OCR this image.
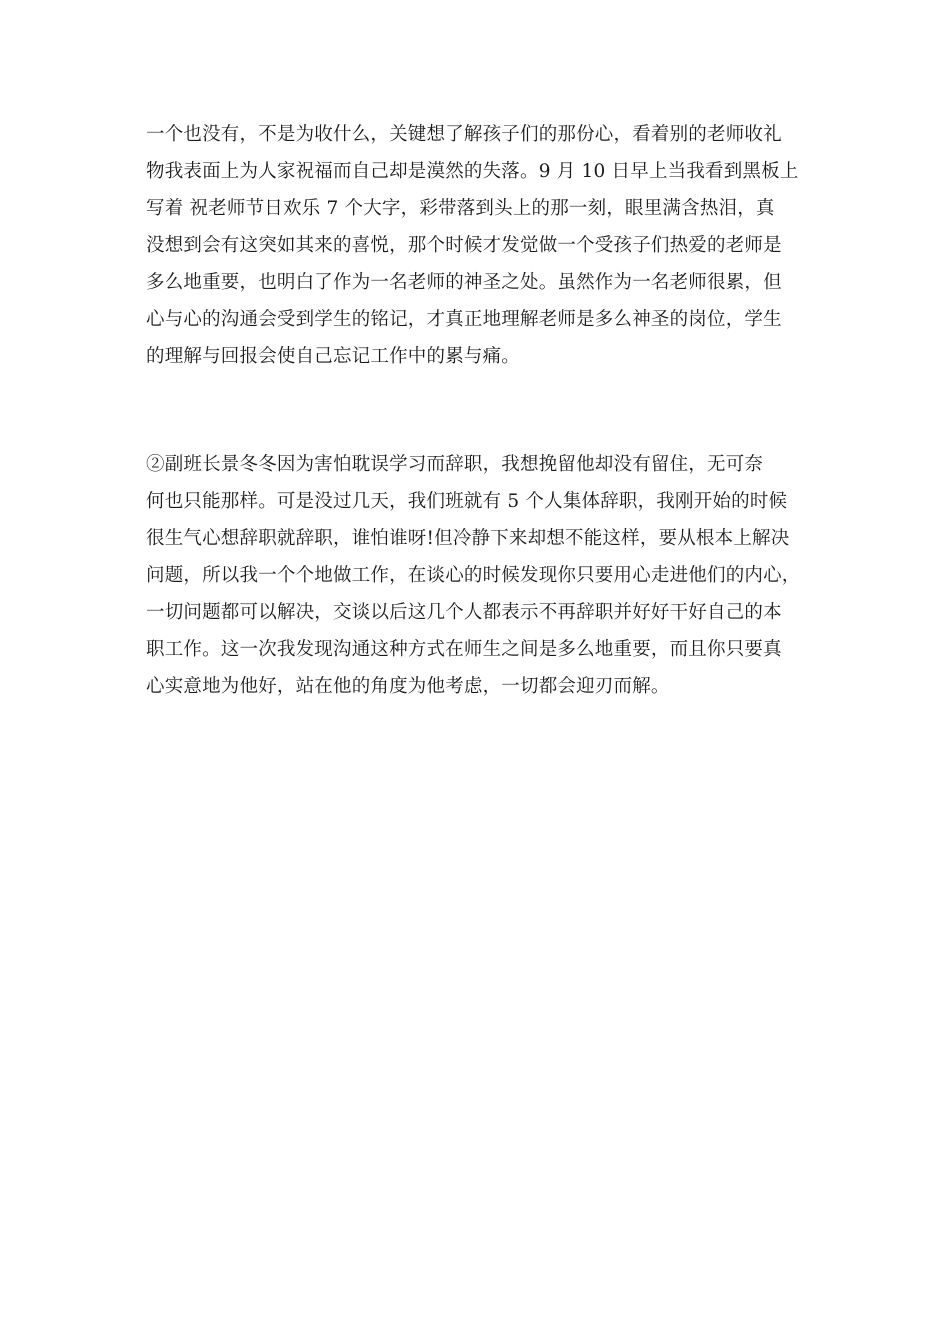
一个也没有，不是为收什么，关键想了解孩子们的那份心，看着别的老师收礼
物我表面上为人家祝福而自己却是漠然的失落。9 月 10 日早上当我看到黑板上
写着 祝老师节日欢乐 7 个大字，彩带落到头上的那一刻，眼里满含热泪，真
没想到会有这突如其来的喜悦，那个时候才发觉做一个受孩子们热爱的老师是
多么地重要，也明白了作为一名老师的神圣之处。虽然作为一名老师很累，但
心与心的沟通会受到学生的铭记，才真正地理解老师是多么神圣的岗位，学生
的理解与回报会使自己忘记工作中的累与痛。
②副班长景冬冬因为害怕耽误学习而辞职，我想挽留他却没有留住，无可奈
何也只能那样。可是没过几天，我们班就有 5 个人集体辞职，我刚开始的时候
很生气心想辞职就辞职，谁怕谁呀!但冷静下来却想不能这样，要从根本上解决
问题，所以我一个个地做工作，在谈心的时候发现你只要用心走进他们的内心，
一切问题都可以解决，交谈以后这几个人都表示不再辞职并好好干好自己的本
职工作。这一次我发现沟通这种方式在师生之间是多么地重要，而且你只要真
心实意地为他好，站在他的角度为他考虑，一切都会迎刃而解。
